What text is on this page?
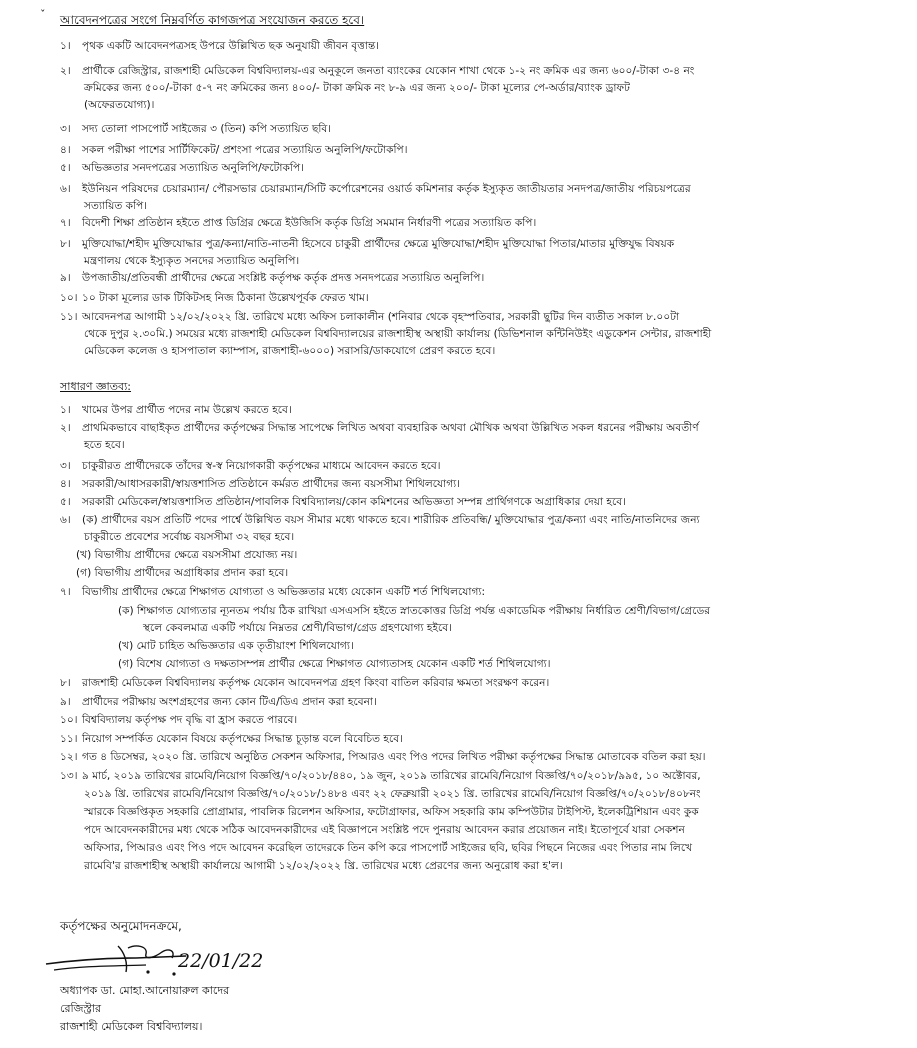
ˇ আবেদনপত্রের সংগে নিম্নবর্ণিত কাগজপত্র সংযোজন করতে হবে।
১। পৃথক একটি আবেদনপত্রসহ উপরে উল্লিখিত ছক অনুযায়ী জীবন বৃত্তান্ত।
২। প্রার্থীকে রেজিস্ট্রার, রাজশাহী মেডিকেল বিশ্ববিদ্যালয়-এর অনুকূলে জনতা ব্যাংকের যেকোন শাখা থেকে ১-২ নং ক্রমিক এর জন্য ৬০০/-টাকা ৩-৪ নং
ক্রমিকের জন্য ৫০০/-টাকা ৫-৭ নং ক্রমিকের জন্য ৪০০/- টাকা ক্রমিক নং ৮-৯ এর জন্য ২০০/- টাকা মূল্যের পে-অর্ডার/ব্যাংক ড্রাফট
(অফেরতযোগ্য)।
৩। সদ্য তোলা পাসপোর্ট সাইজের ৩ (তিন) কপি সত্যায়িত ছবি।
৪। সকল পরীক্ষা পাশের সার্টিফিকেট/ প্রশংসা পত্রের সত্যায়িত অনুলিপি/ফটোকপি।
৫। অভিজ্ঞতার সনদপত্রের সত্যায়িত অনুলিপি/ফটোকপি।
৬। ইউনিয়ন পরিষদের চেয়ারম্যান/ পৌরসভার চেয়ারম্যান/সিটি কর্পোরেশনের ওয়ার্ড কমিশনার কর্তৃক ইস্যুকৃত জাতীয়তার সনদপত্র/জাতীয় পরিচয়পত্রের
সত্যায়িত কপি।
৭। বিদেশী শিক্ষা প্রতিষ্ঠান হইতে প্রাপ্ত ডিগ্রির ক্ষেত্রে ইউজিসি কর্তৃক ডিগ্রি সমমান নির্ধারণী পত্রের সত্যায়িত কপি।
৮। মুক্তিযোদ্ধা/শহীদ মুক্তিযোদ্ধার পুত্র/কন্যা/নাতি-নাতনী হিসেবে চাকুরী প্রার্থীদের ক্ষেত্রে মুক্তিযোদ্ধা/শহীদ মুক্তিযোদ্ধা পিতার/মাতার মুক্তিযুদ্ধ বিষয়ক
মন্ত্রণালয় থেকে ইস্যুকৃত সনদের সত্যায়িত অনুলিপি।
৯। উপজাতীয়/প্রতিবন্ধী প্রার্থীদের ক্ষেত্রে সংশ্লিষ্ট কর্তৃপক্ষ কর্তৃক প্রদত্ত সনদপত্রের সত্যায়িত অনুলিপি।
১০। ১০ টাকা মূল্যের ডাক টিকিটসহ নিজ ঠিকানা উল্লেখপূর্বক ফেরত খাম।
১১। আবেদনপত্র আগামী ১২/০২/২০২২ খ্রি. তারিখে মধ্যে অফিস চলাকালীন (শনিবার থেকে বৃহস্পতিবার, সরকারী ছুটির দিন ব্যতীত সকাল ৮.০০টা
থেকে দুপুর ২.৩০মি.) সময়ের মধ্যে রাজশাহী মেডিকেল বিশ্ববিদ্যালয়ের রাজশাহীস্থ অস্থায়ী কার্যালয় (ডিভিশনাল কন্টিনিউইং এডুকেশন সেন্টার, রাজশাহী
মেডিকেল কলেজ ও হাসপাতাল ক্যাম্পাস, রাজশাহী-৬০০০) সরাসরি/ডাকযোগে প্রেরণ করতে হবে।
সাধারণ জ্ঞাতব্য:
১। খামের উপর প্রার্থীত পদের নাম উল্লেখ করতে হবে।
২। প্রাথমিকভাবে বাছাইকৃত প্রার্থীদের কর্তৃপক্ষের সিদ্ধান্ত সাপেক্ষে লিখিত অথবা ব্যবহারিক অথবা মৌখিক অথবা উল্লিখিত সকল ধরনের পরীক্ষায় অবতীর্ণ
হতে হবে।
৩। চাকুরীরত প্রার্থীদেরকে তাঁদের স্ব-স্ব নিয়োগকারী কর্তৃপক্ষের মাধ্যমে আবেদন করতে হবে।
৪। সরকারী/আধাসরকারী/স্বায়ত্তশাসিত প্রতিষ্ঠানে কর্মরত প্রার্থীদের জন্য বয়সসীমা শিথিলযোগ্য।
৫। সরকারী মেডিকেল/স্বায়ত্তশাসিত প্রতিষ্ঠান/পাবলিক বিশ্ববিদ্যালয়/কোন কমিশনের অভিজ্ঞতা সম্পন্ন প্রার্থিগণকে অগ্রাধিকার দেয়া হবে।
৬। (ক) প্রার্থীদের বয়স প্রতিটি পদের পার্শ্বে উল্লিখিত বয়স সীমার মধ্যে থাকতে হবে। শারীরিক প্রতিবন্ধি/ মুক্তিযোদ্ধার পুত্র/কন্যা এবং নাতি/নাতনিদের জন্য
চাকুরীতে প্রবেশের সর্বোচ্চ বয়সসীমা ৩২ বছর হবে।
(খ) বিভাগীয় প্রার্থীদের ক্ষেত্রে বয়সসীমা প্রযোজ্য নয়।
(গ) বিভাগীয় প্রার্থীদের অগ্রাধিকার প্রদান করা হবে।
৭। বিভাগীয় প্রার্থীদের ক্ষেত্রে শিক্ষাগত যোগ্যতা ও অভিজ্ঞতার মধ্যে যেকোন একটি শর্ত শিথিলযোগ্য:
(ক) শিক্ষাগত যোগ্যতার ন্যূনতম পর্যায় ঠিক রাখিয়া এসএসসি হইতে স্নাতকোত্তর ডিগ্রি পর্যন্ত একাডেমিক পরীক্ষায় নির্ধারিত শ্রেণী/বিভাগ/গ্রেডের
স্থলে কেবলমাত্র একটি পর্যায়ে নিম্নতর শ্রেণী/বিভাগ/গ্রেড গ্রহণযোগ্য হইবে।
(খ) মোট চাহিত অভিজ্ঞতার এক তৃতীয়াংশ শিথিলযোগ্য।
(গ) বিশেষ যোগ্যতা ও দক্ষতাসম্পন্ন প্রার্থীর ক্ষেত্রে শিক্ষাগত যোগ্যতাসহ যেকোন একটি শর্ত শিথিলযোগ্য।
৮। রাজশাহী মেডিকেল বিশ্ববিদ্যালয় কর্তৃপক্ষ যেকোন আবেদনপত্র গ্রহণ কিংবা বাতিল করিবার ক্ষমতা সংরক্ষণ করেন।
৯। প্রার্থীদের পরীক্ষায় অংশগ্রহণের জন্য কোন টিএ/ডিএ প্রদান করা হবেনা।
১০। বিশ্ববিদ্যালয় কর্তৃপক্ষ পদ বৃদ্ধি বা হ্রাস করতে পারবে।
১১। নিয়োগ সম্পর্কিত যেকোন বিষয়ে কর্তৃপক্ষের সিদ্ধান্ত চূড়ান্ত বলে বিবেচিত হবে।
১২। গত ৪ ডিসেম্বর, ২০২০ খ্রি. তারিখে অনুষ্ঠিত সেকশন অফিসার, পিআরও এবং পিও পদের লিখিত পরীক্ষা কর্তৃপক্ষের সিদ্ধান্ত মোতাবেক বতিল করা হয়।
১৩। ৯ মার্চ, ২০১৯ তারিখের রামেবি/নিয়োগ বিজ্ঞপ্তি/৭০/২০১৮/৪৪০, ১৯ জুন, ২০১৯ তারিখের রামেবি/নিয়োগ বিজ্ঞপ্তি/৭০/২০১৮/৯৯৫, ১০ অক্টোবর,
২০১৯ খ্রি. তারিখের রামেবি/নিয়োগ বিজ্ঞপ্তি/৭০/২০১৮/১৪৮৪ এবং ২২ ফেব্রুয়ারী ২০২১ খ্রি. তারিখের রামেবি/নিয়োগ বিজ্ঞপ্তি/৭০/২০১৮/৪০৮নং
স্মারকে বিজ্ঞপ্তিকৃত সহকারি প্রোগ্রামার, পাবলিক রিলেশন অফিসার, ফটোগ্রাফার, অফিস সহকারি কাম কম্পিউটার টাইপিস্ট, ইলেকট্রিশিয়ান এবং কুক
পদে আবেদনকারীদের মধ্য থেকে সঠিক আবেদনকারীদের এই বিজ্ঞাপনে সংশ্লিষ্ট পদে পুনরায় আবেদন করার প্রয়োজন নাই। ইতোপূর্বে যারা সেকশন
অফিসার, পিআরও এবং পিও পদে আবেদন করেছিল তাদেরকে তিন কপি করে পাসপোর্ট সাইজের ছবি, ছবির পিছনে নিজের এবং পিতার নাম লিখে
রামেবি'র রাজশাহীস্থ অস্থায়ী কার্যালয়ে আগামী ১২/০২/২০২২ খ্রি. তারিখের মধ্যে প্রেরণের জন্য অনুরোধ করা হ'ল।
কর্তৃপক্ষের অনুমোদনক্রমে,
22/01/22
অধ্যাপক ডা. মোহা.আনোয়ারুল কাদের
রেজিস্ট্রার
রাজশাহী মেডিকেল বিশ্ববিদ্যালয়।
